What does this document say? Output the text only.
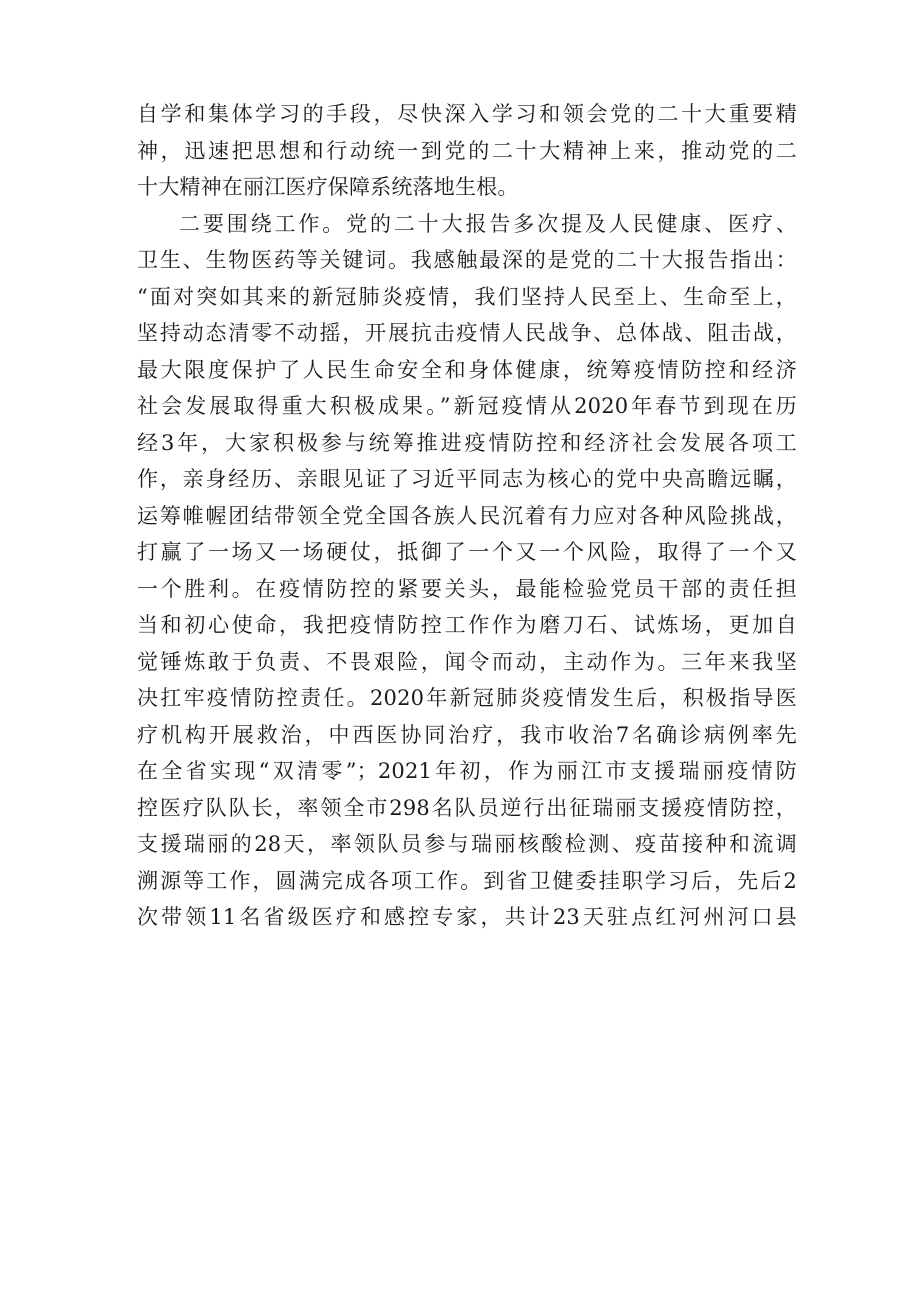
自学和集体学习的手段，尽快深入学习和领会党的二十大重要精
神，迅速把思想和行动统一到党的二十大精神上来，推动党的二
十大精神在丽江医疗保障系统落地生根。
二要围绕工作。党的二十大报告多次提及人民健康、医疗、
卫生、生物医药等关键词。我感触最深的是党的二十大报告指出：
“面对突如其来的新冠肺炎疫情，我们坚持人民至上、生命至上，
坚持动态清零不动摇，开展抗击疫情人民战争、总体战、阻击战，
最大限度保护了人民生命安全和身体健康，统筹疫情防控和经济
社会发展取得重大积极成果。”新冠疫情从2020年春节到现在历
经3年，大家积极参与统筹推进疫情防控和经济社会发展各项工
作，亲身经历、亲眼见证了习近平同志为核心的党中央高瞻远瞩，
运筹帷幄团结带领全党全国各族人民沉着有力应对各种风险挑战，
打赢了一场又一场硬仗，抵御了一个又一个风险，取得了一个又
一个胜利。在疫情防控的紧要关头，最能检验党员干部的责任担
当和初心使命，我把疫情防控工作作为磨刀石、试炼场，更加自
觉锤炼敢于负责、不畏艰险，闻令而动，主动作为。三年来我坚
决扛牢疫情防控责任。2020年新冠肺炎疫情发生后，积极指导医
疗机构开展救治，中西医协同治疗，我市收治7名确诊病例率先
在全省实现“双清零”；2021年初，作为丽江市支援瑞丽疫情防
控医疗队队长，率领全市298名队员逆行出征瑞丽支援疫情防控，
支援瑞丽的28天，率领队员参与瑞丽核酸检测、疫苗接种和流调
溯源等工作，圆满完成各项工作。到省卫健委挂职学习后，先后2
次带领11名省级医疗和感控专家，共计23天驻点红河州河口县
